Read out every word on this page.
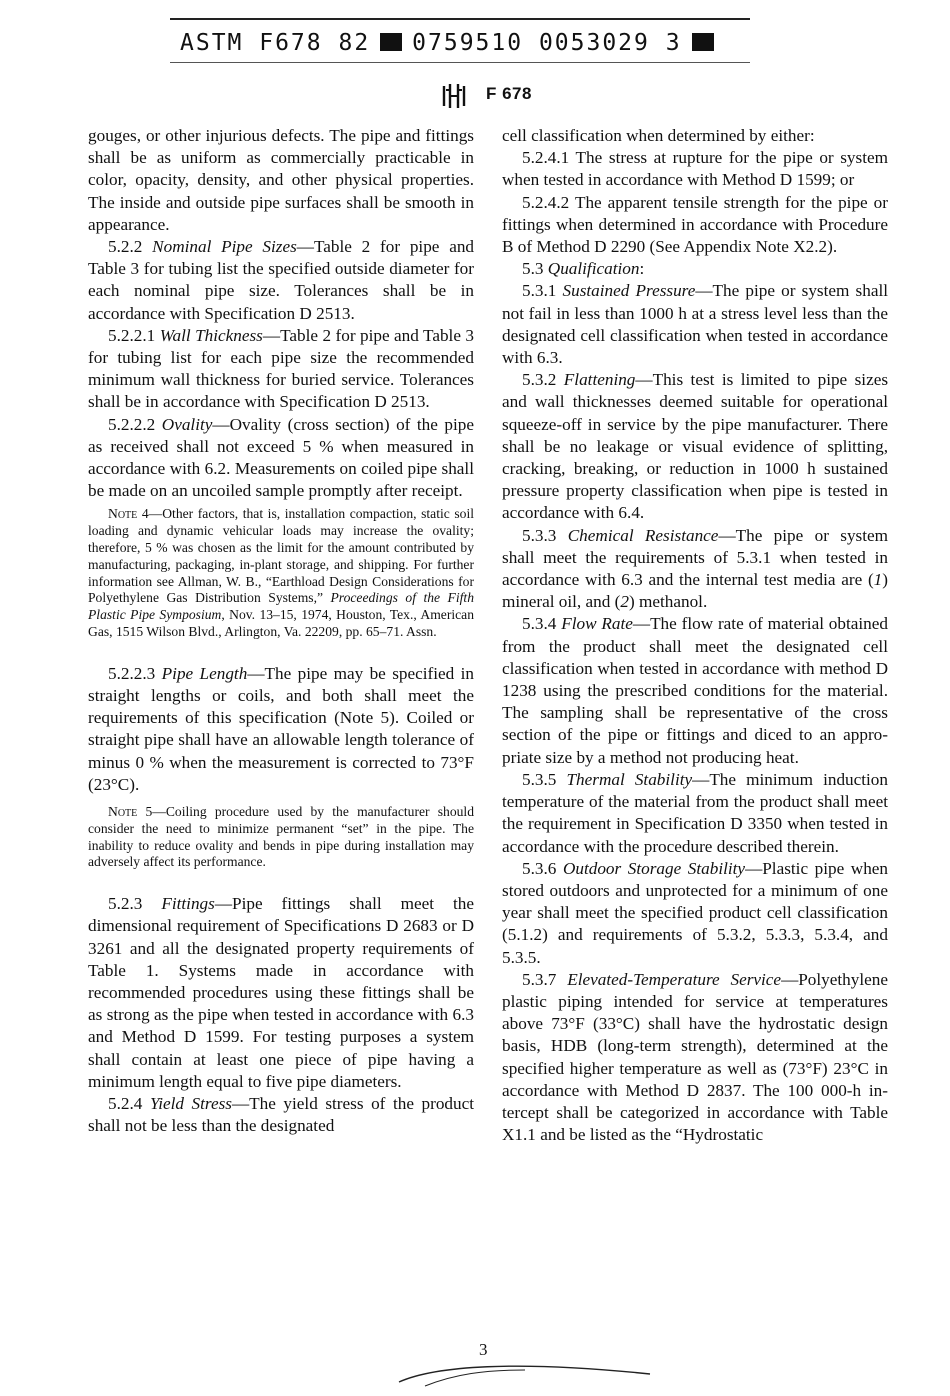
ASTM F678 82 0759510 0053029 3
F 678

gouges, or other injurious defects. The pipe and fittings shall be as uniform as commercially practicable in color, opacity, density, and other physical properties. The inside and outside pipe surfaces shall be smooth in appearance.

5.2.2 Nominal Pipe Sizes—Table 2 for pipe and Table 3 for tubing list the specified outside diameter for each nominal pipe size. Tolerances shall be in accordance with Specification D 2513.

5.2.2.1 Wall Thickness—Table 2 for pipe and Table 3 for tubing list for each pipe size the recommended minimum wall thickness for buried service. Tolerances shall be in accordance with Specification D 2513.

5.2.2.2 Ovality—Ovality (cross section) of the pipe as received shall not exceed 5 % when measured in accordance with 6.2. Measurements on coiled pipe shall be made on an uncoiled sample promptly after receipt.

Note 4—Other factors, that is, installation compaction, static soil loading and dynamic vehicular loads may increase the ovality; therefore, 5 % was chosen as the limit for the amount contributed by manufacturing, packaging, in-plant storage, and shipping. For further information see Allman, W. B., “Earthload Design Considerations for Polyethylene Gas Distribution Systems,” Proceedings of the Fifth Plastic Pipe Symposium, Nov. 13–15, 1974, Houston, Tex., American Gas, 1515 Wilson Blvd., Arlington, Va. 22209, pp. 65–71. Assn.

5.2.2.3 Pipe Length—The pipe may be specified in straight lengths or coils, and both shall meet the requirements of this specification (Note 5). Coiled or straight pipe shall have an allowable length tolerance of minus 0 % when the measurement is corrected to 73°F (23°C).

Note 5—Coiling procedure used by the manufacturer should consider the need to minimize permanent “set” in the pipe. The inability to reduce ovality and bends in pipe during installation may adversely affect its performance.

5.2.3 Fittings—Pipe fittings shall meet the dimensional requirement of Specifications D 2683 or D 3261 and all the designated property requirements of Table 1. Systems made in accordance with recommended procedures using these fittings shall be as strong as the pipe when tested in accordance with 6.3 and Method D 1599. For testing purposes a system shall contain at least one piece of pipe having a minimum length equal to five pipe diameters.

5.2.4 Yield Stress—The yield stress of the product shall not be less than the designated

cell classification when determined by either:

5.2.4.1 The stress at rupture for the pipe or system when tested in accordance with Method D 1599; or

5.2.4.2 The apparent tensile strength for the pipe or fittings when determined in accordance with Procedure B of Method D 2290 (See Appendix Note X2.2).

5.3 Qualification:

5.3.1 Sustained Pressure—The pipe or system shall not fail in less than 1000 h at a stress level less than the designated cell classification when tested in accordance with 6.3.

5.3.2 Flattening—This test is limited to pipe sizes and wall thicknesses deemed suitable for operational squeeze-off in service by the pipe manufacturer. There shall be no leakage or visual evidence of splitting, cracking, breaking, or reduction in 1000 h sustained pressure property classification when pipe is tested in accordance with 6.4.

5.3.3 Chemical Resistance—The pipe or system shall meet the requirements of 5.3.1 when tested in accordance with 6.3 and the internal test media are (1) mineral oil, and (2) methanol.

5.3.4 Flow Rate—The flow rate of material obtained from the product shall meet the designated cell classification when tested in accordance with method D 1238 using the prescribed conditions for the material. The sampling shall be representative of the cross section of the pipe or fittings and diced to an appropriate size by a method not producing heat.

5.3.5 Thermal Stability—The minimum induction temperature of the material from the product shall meet the requirement in Specification D 3350 when tested in accordance with the procedure described therein.

5.3.6 Outdoor Storage Stability—Plastic pipe when stored outdoors and unprotected for a minimum of one year shall meet the specified product cell classification (5.1.2) and requirements of 5.3.2, 5.3.3, 5.3.4, and 5.3.5.

5.3.7 Elevated-Temperature Service—Polyethylene plastic piping intended for service at temperatures above 73°F (33°C) shall have the hydrostatic design basis, HDB (long-term strength), determined at the specified higher temperature as well as (73°F) 23°C in accordance with Method D 2837. The 100 000-h intercept shall be categorized in accordance with Table X1.1 and be listed as the “Hydrostatic

3
